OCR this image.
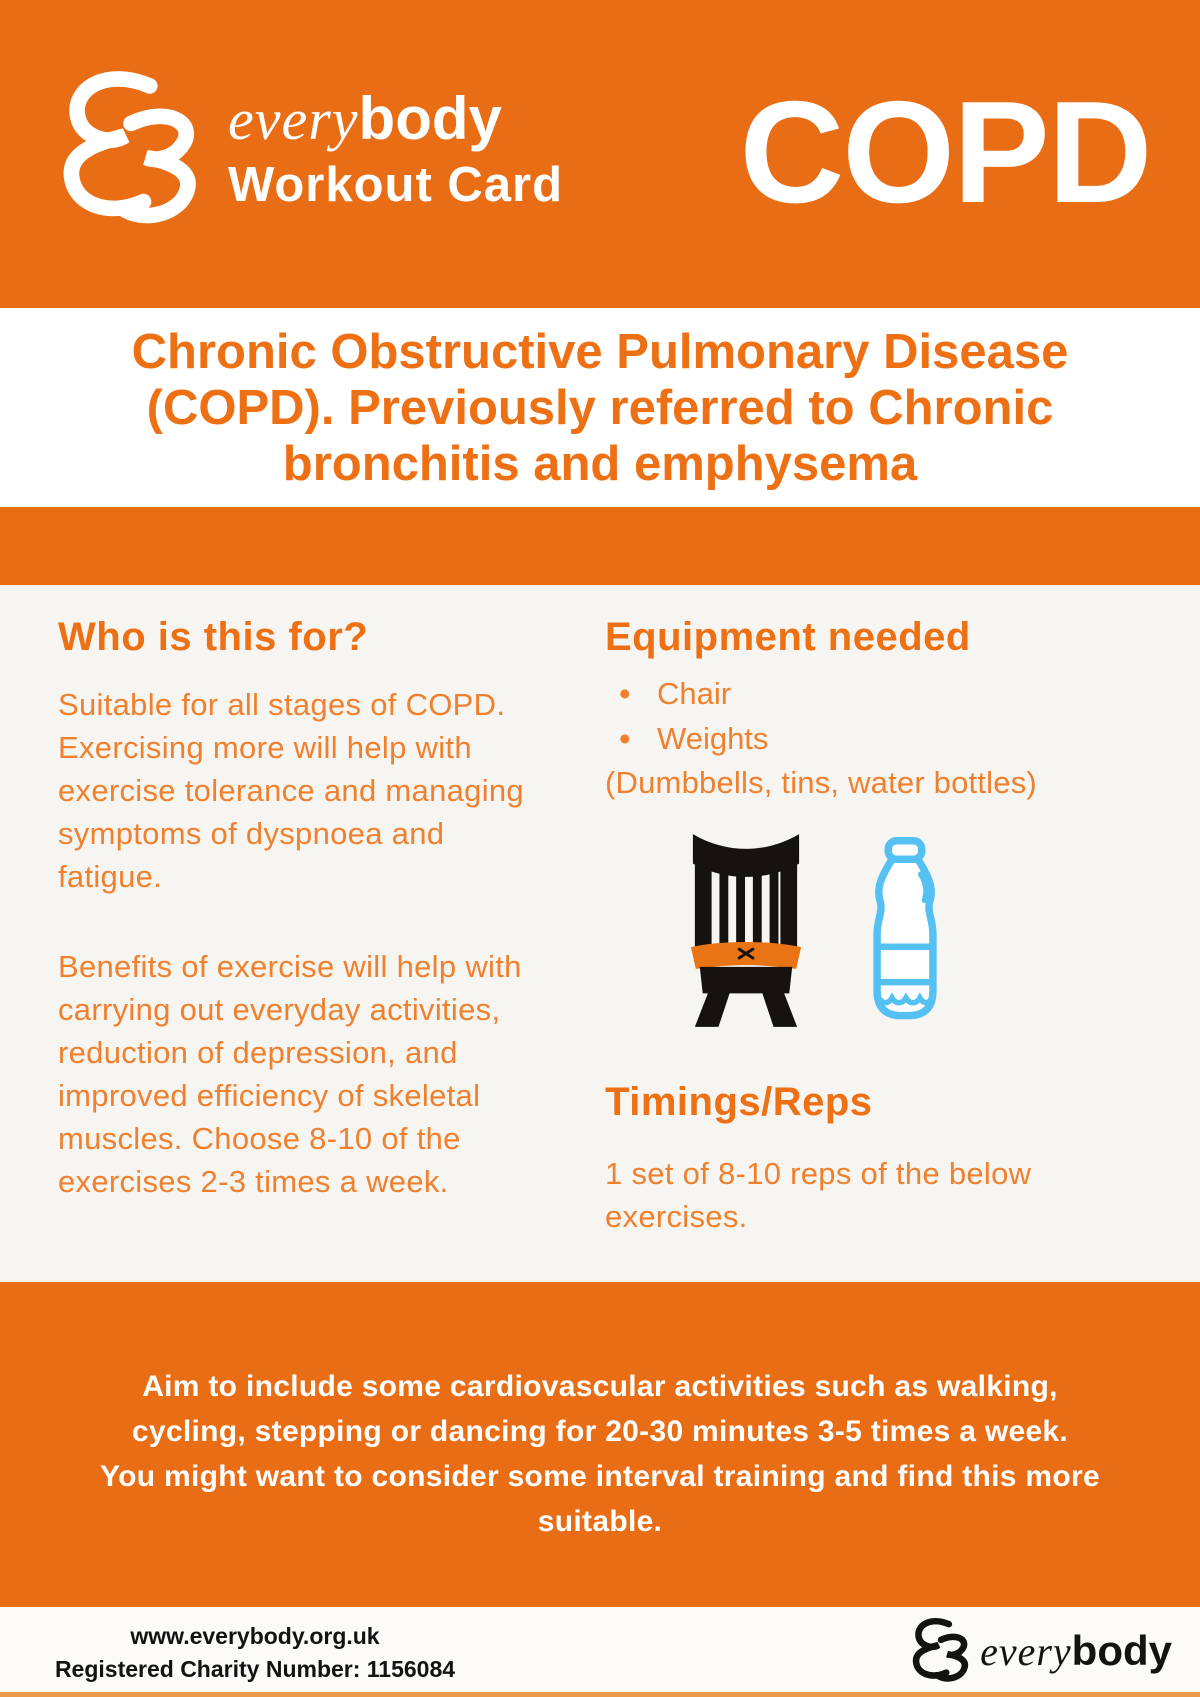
every body
Workout Card COPD
Chronic Obstructive Pulmonary Disease
(COPD). Previously referred to Chronic
bronchitis and emphysema
Who is this for?

Suitable for all stages of COPD. Exercising more will help with exercise tolerance and managing symptoms of dyspnoea and fatigue.

Benefits of exercise will help with carrying out everyday activities, reduction of depression, and improved efficiency of skeletal muscles. Choose 8-10 of the exercises 2-3 times a week.

Equipment needed
• Chair
• Weights
(Dumbbells, tins, water bottles)
Timings/Reps

1 set of 8-10 reps of the below exercises.

Aim to include some cardiovascular activities such as walking,
cycling, stepping or dancing for 20-30 minutes 3-5 times a week.
You might want to consider some interval training and find this more
suitable.
www.everybody.org.uk
Registered Charity Number: 1156084	every body
